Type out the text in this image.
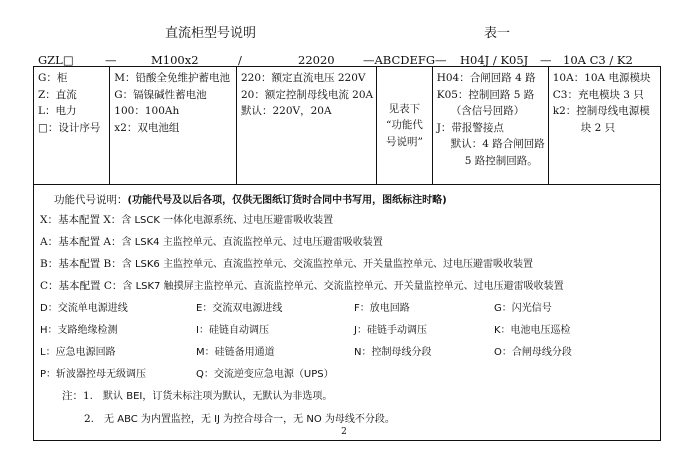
直流柜型号说明	表一
GZL□	—	M100x2	/	22020 —ABCDEFG— H04J / K05J — 10A C3 / K2
G：柜
Z：直流
L：电力
□：设计序号

M：铅酸全免维护蓄电池
G：镉镍碱性蓄电池
100：100Ah
x2：双电池组

220：额定直流电压 220V
20：额定控制母线电流 20A
默认：220V，20A	见表下
“功能代
号说明”

H04：合闸回路 4 路
K05：控制回路 5 路
（含信号回路）
J：带报警接点
默认：4 路合闸回路
5 路控制回路。

10A：10A 电源模块
C3：充电模块 3 只
k2：控制母线电源模
块 2 只
功能代号说明：(功能代号及以后各项，仅供无图纸订货时合同中书写用，图纸标注时略)
X：基本配置 X：含 LSCK 一体化电源系统、过电压避雷吸收装置
A：基本配置 A：含 LSK4 主监控单元、直流监控单元、过电压避雷吸收装置
B：基本配置 B：含 LSK6 主监控单元、直流监控单元、交流监控单元、开关量监控单元、过电压避雷吸收装置
C：基本配置 C：含 LSK7 触摸屏主监控单元、直流监控单元、交流监控单元、开关量监控单元、过电压避雷吸收装置
D：交流单电源进线	E：交流双电源进线	F：放电回路	G：闪光信号
H：支路绝缘检测	I：硅链自动调压	J：硅链手动调压	K：电池电压巡检
L：应急电源回路	M：硅链备用通道	N：控制母线分段	O：合闸母线分段
P：斩波器控母无级调压	Q：交流逆变应急电源（UPS）
注：1. 默认 BEI，订货未标注项为默认，无默认为非选项。
2. 无 ABC 为内置监控，无 IJ 为控合母合一，无 NO 为母线不分段。
2
